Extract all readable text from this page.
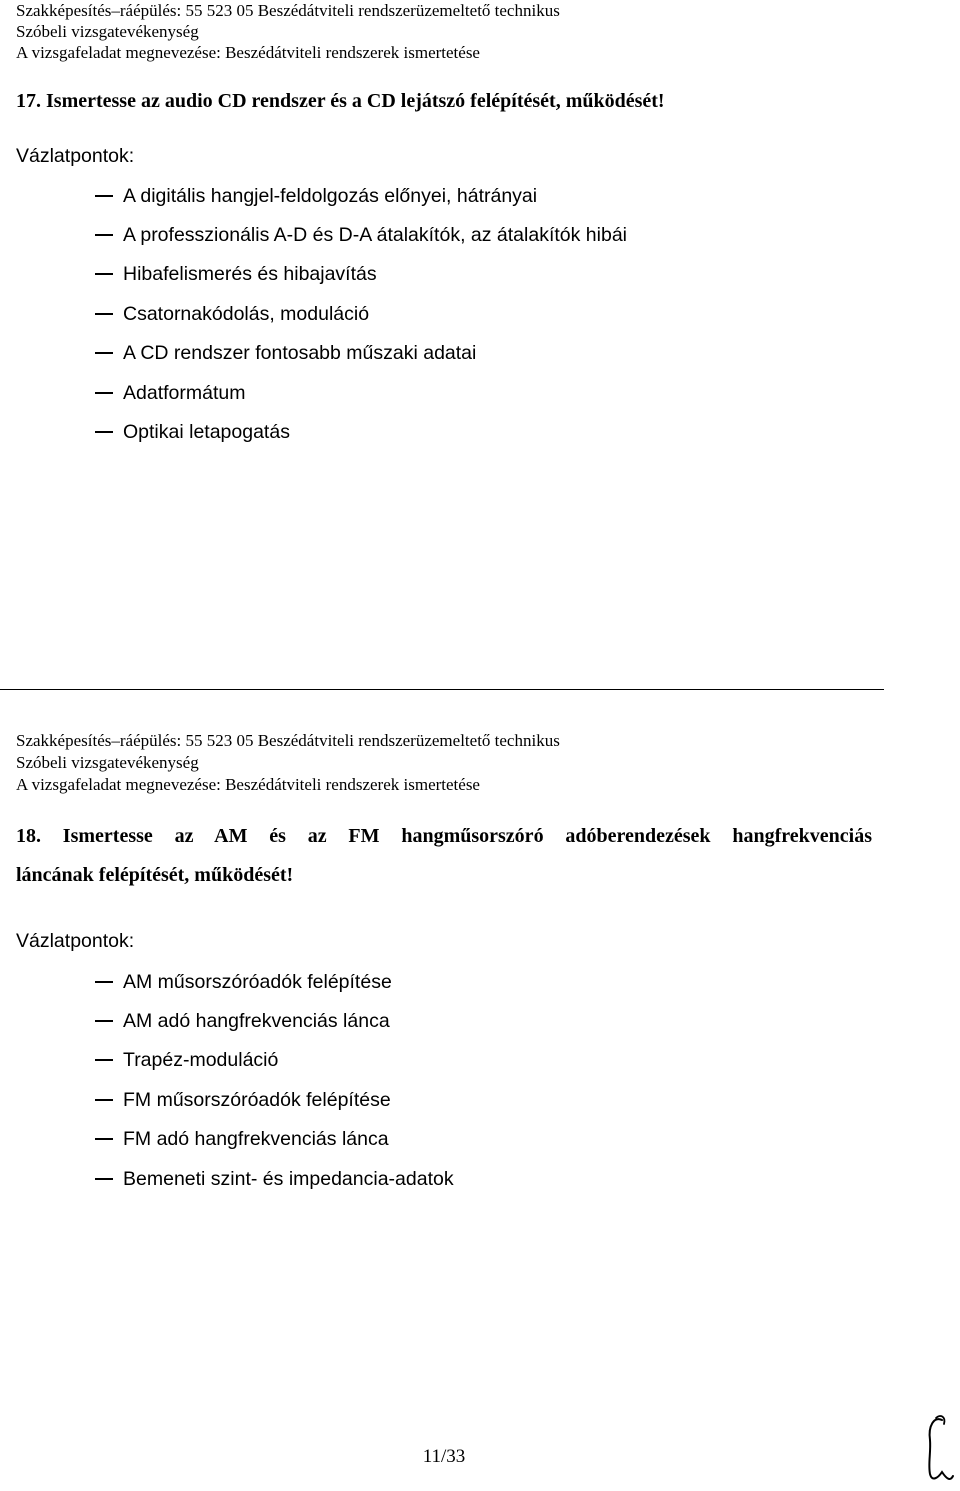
Szakképesítés–ráépülés: 55 523 05 Beszédátviteli rendszerüzemeltető technikus
Szóbeli vizsgatevékenység
A vizsgafeladat megnevezése: Beszédátviteli rendszerek ismertetése
17. Ismertesse az audio CD rendszer és a CD lejátszó felépítését, működését!
Vázlatpontok:
A digitális hangjel-feldolgozás előnyei, hátrányai
A professzionális A-D és D-A átalakítók, az átalakítók hibái
Hibafelismerés és hibajavítás
Csatornakódolás, moduláció
A CD rendszer fontosabb műszaki adatai
Adatformátum
Optikai letapogatás
Szakképesítés–ráépülés: 55 523 05 Beszédátviteli rendszerüzemeltető technikus
Szóbeli vizsgatevékenység
A vizsgafeladat megnevezése: Beszédátviteli rendszerek ismertetése
18. Ismertesse az AM és az FM hangműsorszóró adóberendezések hangfrekvenciás
láncának felépítését, működését!
Vázlatpontok:
AM műsorszóróadók felépítése
AM adó hangfrekvenciás lánca
Trapéz-moduláció
FM műsorszóróadók felépítése
FM adó hangfrekvenciás lánca
Bemeneti szint- és impedancia-adatok
11/33
